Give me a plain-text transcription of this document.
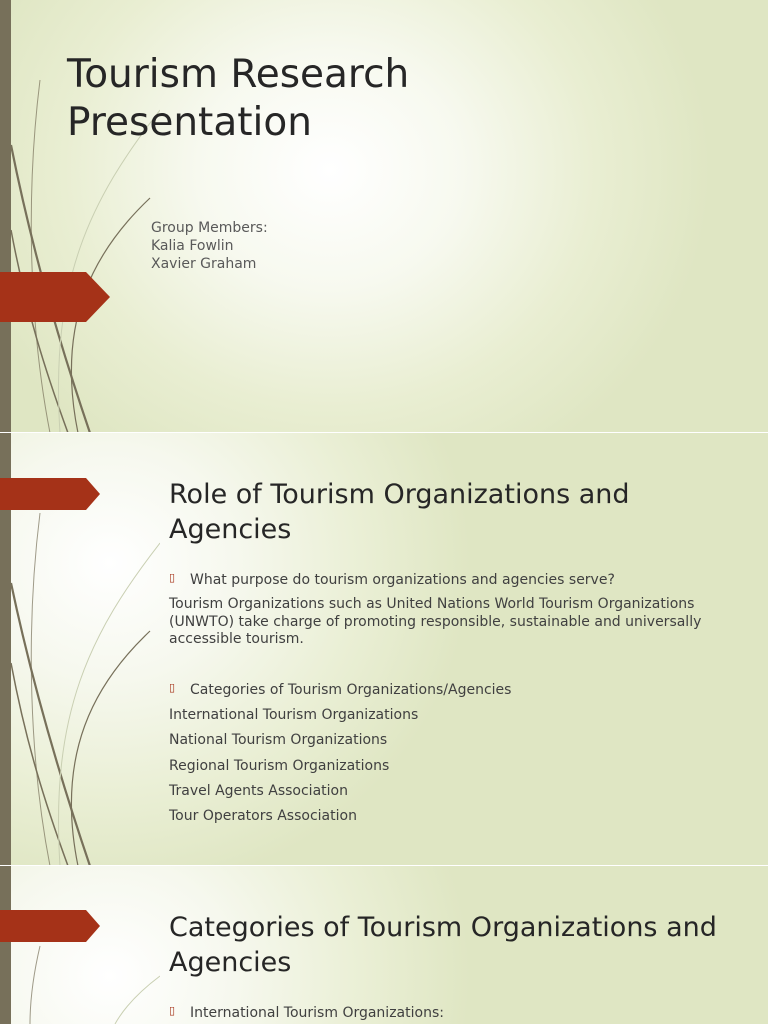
Tourism Research Presentation
Group Members:
Kalia Fowlin
Xavier Graham
Role of Tourism Organizations and Agencies
▯ What purpose do tourism organizations and agencies serve?
Tourism Organizations such as United Nations World Tourism Organizations (UNWTO) take charge of promoting responsible, sustainable and universally accessible tourism.
▯ Categories of Tourism Organizations/Agencies
International Tourism Organizations
National Tourism Organizations
Regional Tourism Organizations
Travel Agents Association
Tour Operators Association
Categories of Tourism Organizations and Agencies
▯ International Tourism Organizations:
